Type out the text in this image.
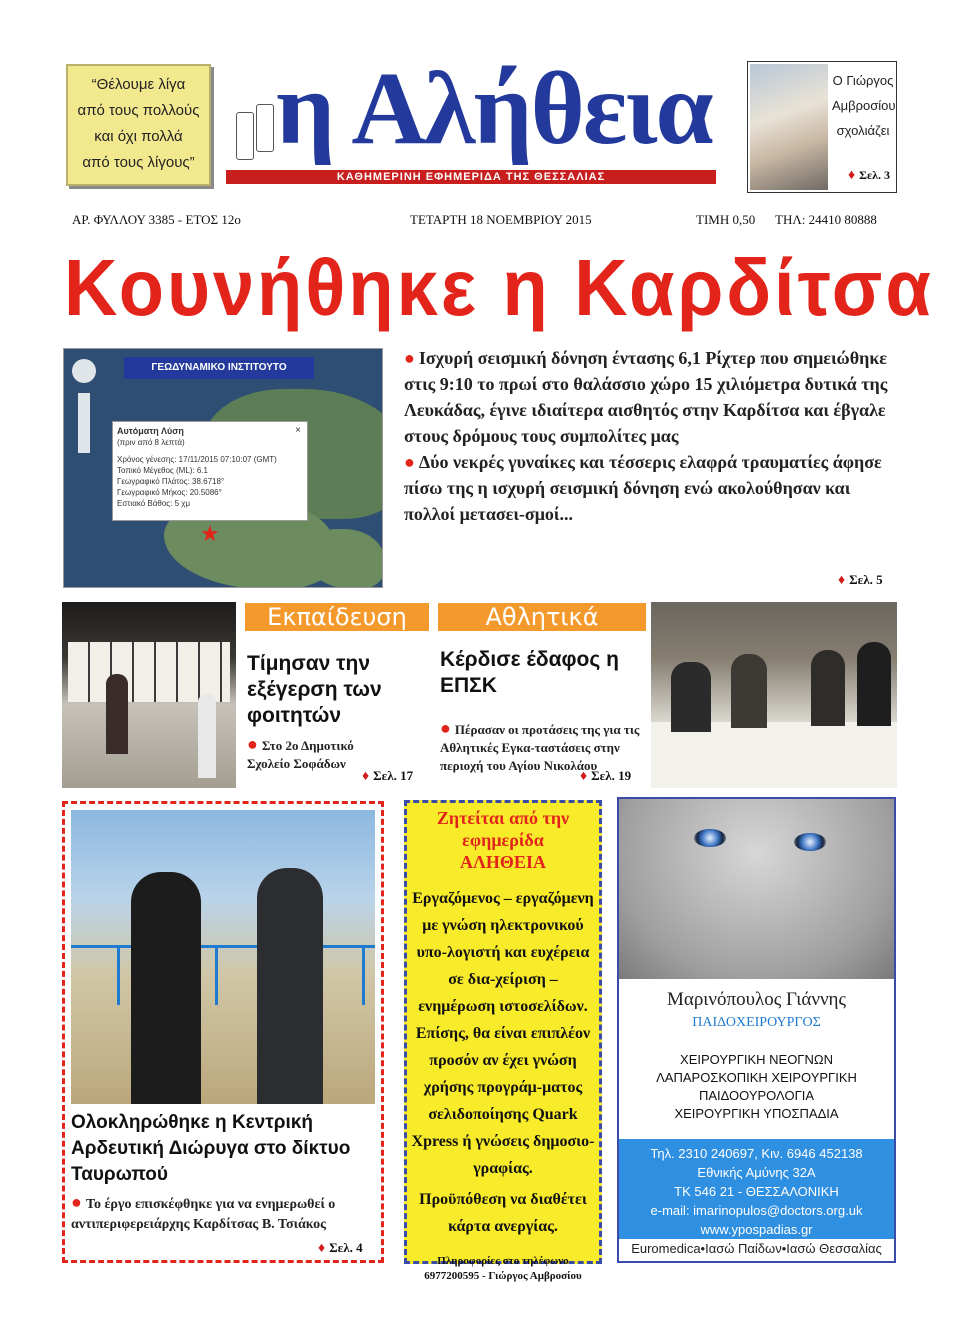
“Θέλουμε λίγα
από τους πολλούς
και όχι πολλά
από τους λίγους” η Αλήθεια
ΚΑΘΗΜΕΡΙΝΗ ΕΦΗΜΕΡΙΔΑ ΤΗΣ ΘΕΣΣΑΛΙΑΣ
Ο Γιώργος
Αμβροσίου
σχολιάζει
♦ Σελ. 3
ΑΡ. ΦΥΛΛΟΥ 3385 - ΕΤΟΣ 12ο	ΤΕΤΑΡΤΗ 18 ΝΟΕΜΒΡΙΟΥ 2015	ΤΙΜΗ 0,50 ΤΗΛ: 24410 80888
Κουνήθηκε η Καρδίτσα
ΓΕΩΔΥΝΑΜΙΚΟ ΙΝΣΤΙΤΟΥΤΟ
Αυτόματη Λύση
(πριν από 8 λεπτά)
Χρόνος γένεσης: 17/11/2015 07:10:07 (GMT)
Τοπικό Μέγεθος (ML): 6.1
Γεωγραφικό Πλάτος: 38.6718°
Γεωγραφικό Μήκος: 20.5086°
Εστιακό Βάθος: 5 χμ
×
★
● Ισχυρή σεισμική δόνηση έντασης 6,1 Ρίχτερ που σημειώθηκε στις 9:10 το πρωί στο θαλάσσιο χώρο 15 χιλιόμετρα δυτικά της Λευκάδας, έγινε ιδιαίτερα αισθητός στην Καρδίτσα και έβγαλε στους δρόμους τους συμπολίτες μας
● Δύο νεκρές γυναίκες και τέσσερις ελαφρά τραυματίες άφησε πίσω της η ισχυρή σεισμική δόνηση ενώ ακολούθησαν και πολλοί μετασει-σμοί...
♦ Σελ. 5
Εκπαίδευση
Τίμησαν την εξέγερση των φοιτητών
● Στο 2ο Δημοτικό Σχολείο Σοφάδων
♦ Σελ. 17
Αθλητικά
Κέρδισε έδαφος η ΕΠΣΚ
● Πέρασαν οι προτάσεις της για τις Αθλητικές Εγκα-ταστάσεις στην περιοχή του Αγίου Νικολάου
♦ Σελ. 19
Ολοκληρώθηκε η Κεντρική Αρδευτική Διώρυγα στο δίκτυο Ταυρωπού
● Το έργο επισκέφθηκε για να ενημερωθεί ο αντιπεριφερειάρχης Καρδίτσας Β. Τσιάκος
♦ Σελ. 4
Ζητείται από την εφημερίδα
ΑΛΗΘΕΙΑ
Εργαζόμενος – εργαζόμενη με γνώση ηλεκτρονικού υπο-λογιστή και ευχέρεια σε δια-χείριση – ενημέρωση ιστοσελίδων. Επίσης, θα είναι επιπλέον προσόν αν έχει γνώση χρήσης προγράμ-ματος σελιδοποίησης Quark Xpress ή γνώσεις δημοσιο-γραφίας.
Προϋπόθεση να διαθέτει κάρτα ανεργίας.
Πληροφορίες στο τηλέφωνο 6977200595 - Γιώργος Αμβροσίου
Μαρινόπουλος Γιάννης
ΠΑΙΔΟΧΕΙΡΟΥΡΓΟΣ
ΧΕΙΡΟΥΡΓΙΚΗ ΝΕΟΓΝΩΝ
ΛΑΠΑΡΟΣΚΟΠΙΚΗ ΧΕΙΡΟΥΡΓΙΚΗ
ΠΑΙΔΟΟΥΡΟΛΟΓΙΑ
ΧΕΙΡΟΥΡΓΙΚΗ ΥΠΟΣΠΑΔΙΑ
Τηλ. 2310 240697, Κιν. 6946 452138
Εθνικής Αμύνης 32Α
ΤΚ 546 21 - ΘΕΣΣΑΛΟΝΙΚΗ
e-mail: imarinopulos@doctors.org.uk
www.ypospadias.gr
Euromedica•Ιασώ Παίδων•Ιασώ Θεσσαλίας
